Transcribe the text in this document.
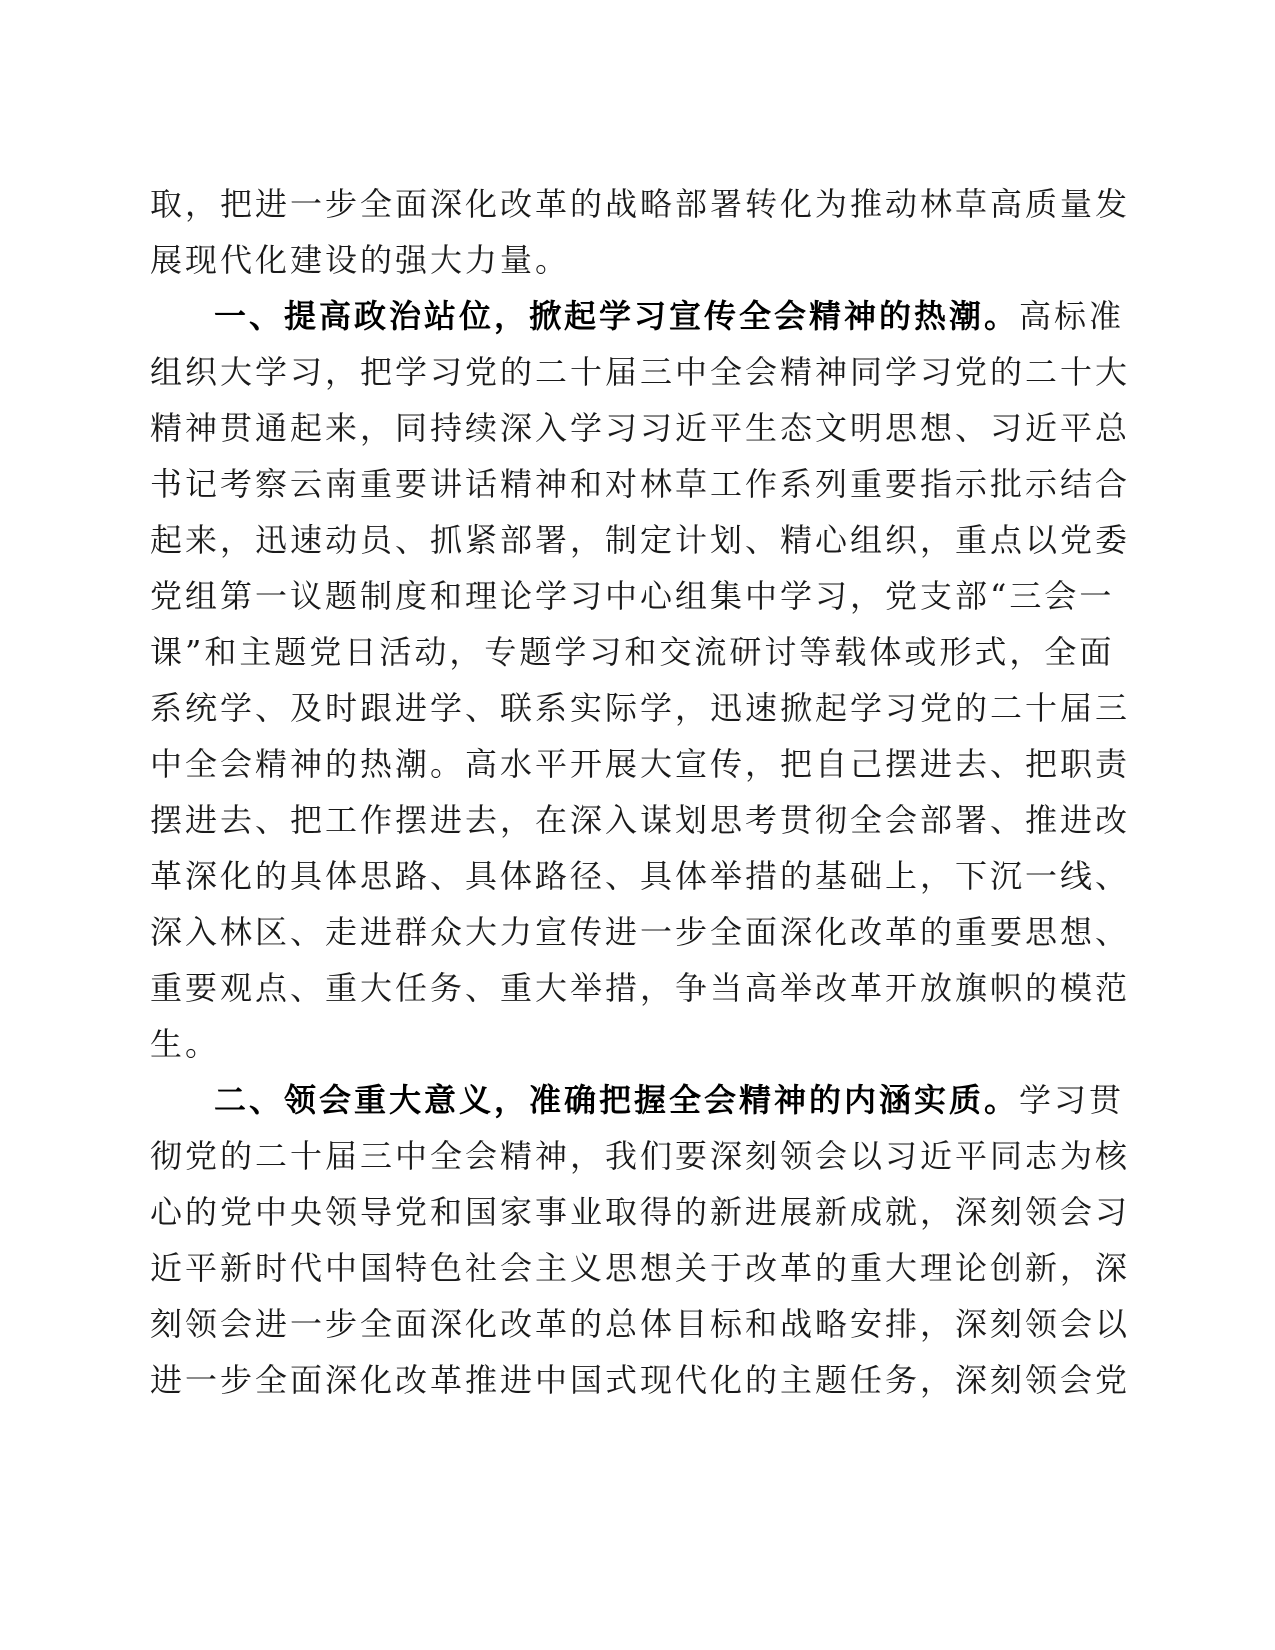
取，把进一步全面深化改革的战略部署转化为推动林草高质量发
展现代化建设的强大力量。
一、提高政治站位，掀起学习宣传全会精神的热潮。高标准
组织大学习，把学习党的二十届三中全会精神同学习党的二十大
精神贯通起来，同持续深入学习习近平生态文明思想、习近平总
书记考察云南重要讲话精神和对林草工作系列重要指示批示结合
起来，迅速动员、抓紧部署，制定计划、精心组织，重点以党委
党组第一议题制度和理论学习中心组集中学习，党支部“三会一
课”和主题党日活动，专题学习和交流研讨等载体或形式，全面
系统学、及时跟进学、联系实际学，迅速掀起学习党的二十届三
中全会精神的热潮。高水平开展大宣传，把自己摆进去、把职责
摆进去、把工作摆进去，在深入谋划思考贯彻全会部署、推进改
革深化的具体思路、具体路径、具体举措的基础上，下沉一线、
深入林区、走进群众大力宣传进一步全面深化改革的重要思想、
重要观点、重大任务、重大举措，争当高举改革开放旗帜的模范
生。
二、领会重大意义，准确把握全会精神的内涵实质。学习贯
彻党的二十届三中全会精神，我们要深刻领会以习近平同志为核
心的党中央领导党和国家事业取得的新进展新成就，深刻领会习
近平新时代中国特色社会主义思想关于改革的重大理论创新，深
刻领会进一步全面深化改革的总体目标和战略安排，深刻领会以
进一步全面深化改革推进中国式现代化的主题任务，深刻领会党
